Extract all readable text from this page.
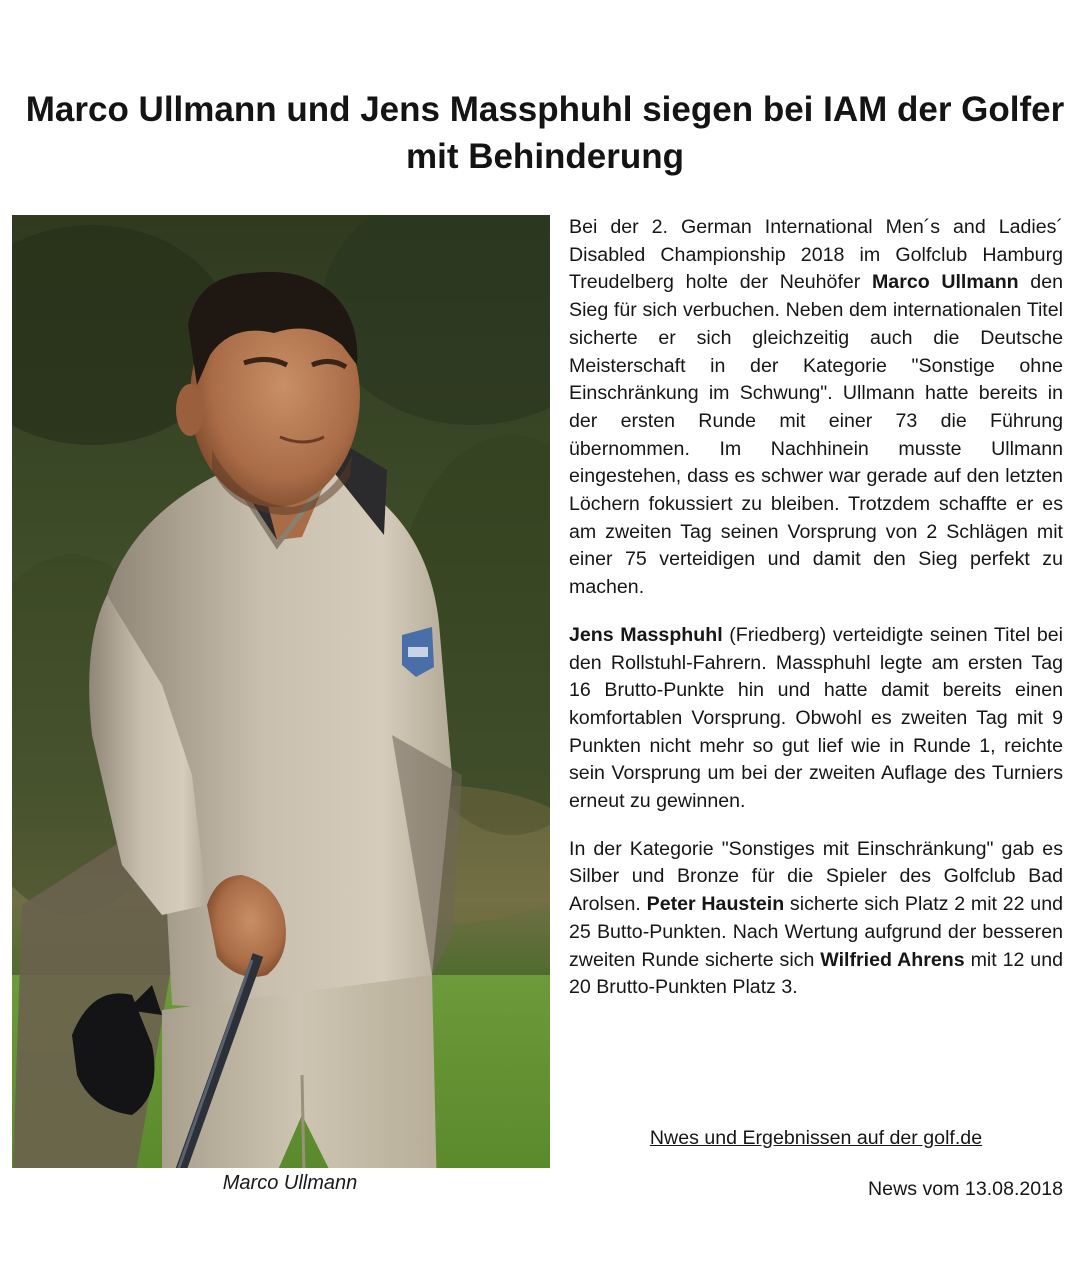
Marco Ullmann und Jens Massphuhl siegen bei IAM der Golfer mit Behinderung
Marco Ullmann

Bei der 2. German International Men´s and Ladies´ Disabled Championship 2018 im Golfclub Hamburg Treudelberg holte der Neuhöfer Marco Ullmann den Sieg für sich verbuchen. Neben dem internationalen Titel sicherte er sich gleichzeitig auch die Deutsche Meisterschaft in der Kategorie "Sonstige ohne Einschränkung im Schwung". Ullmann hatte bereits in der ersten Runde mit einer 73 die Führung übernommen. Im Nachhinein musste Ullmann eingestehen, dass es schwer war gerade auf den letzten Löchern fokussiert zu bleiben. Trotzdem schaffte er es am zweiten Tag seinen Vorsprung von 2 Schlägen mit einer 75 verteidigen und damit den Sieg perfekt zu machen.

Jens Massphuhl (Friedberg) verteidigte seinen Titel bei den Rollstuhl-Fahrern. Massphuhl legte am ersten Tag 16 Brutto-Punkte hin und hatte damit bereits einen komfortablen Vorsprung. Obwohl es zweiten Tag mit 9 Punkten nicht mehr so gut lief wie in Runde 1, reichte sein Vorsprung um bei der zweiten Auflage des Turniers erneut zu gewinnen.

In der Kategorie "Sonstiges mit Einschränkung" gab es Silber und Bronze für die Spieler des Golfclub Bad Arolsen. Peter Haustein sicherte sich Platz 2 mit 22 und 25 Butto-Punkten. Nach Wertung aufgrund der besseren zweiten Runde sicherte sich Wilfried Ahrens mit 12 und 20 Brutto-Punkten Platz 3.

Nwes und Ergebnissen auf der golf.de
News vom 13.08.2018
